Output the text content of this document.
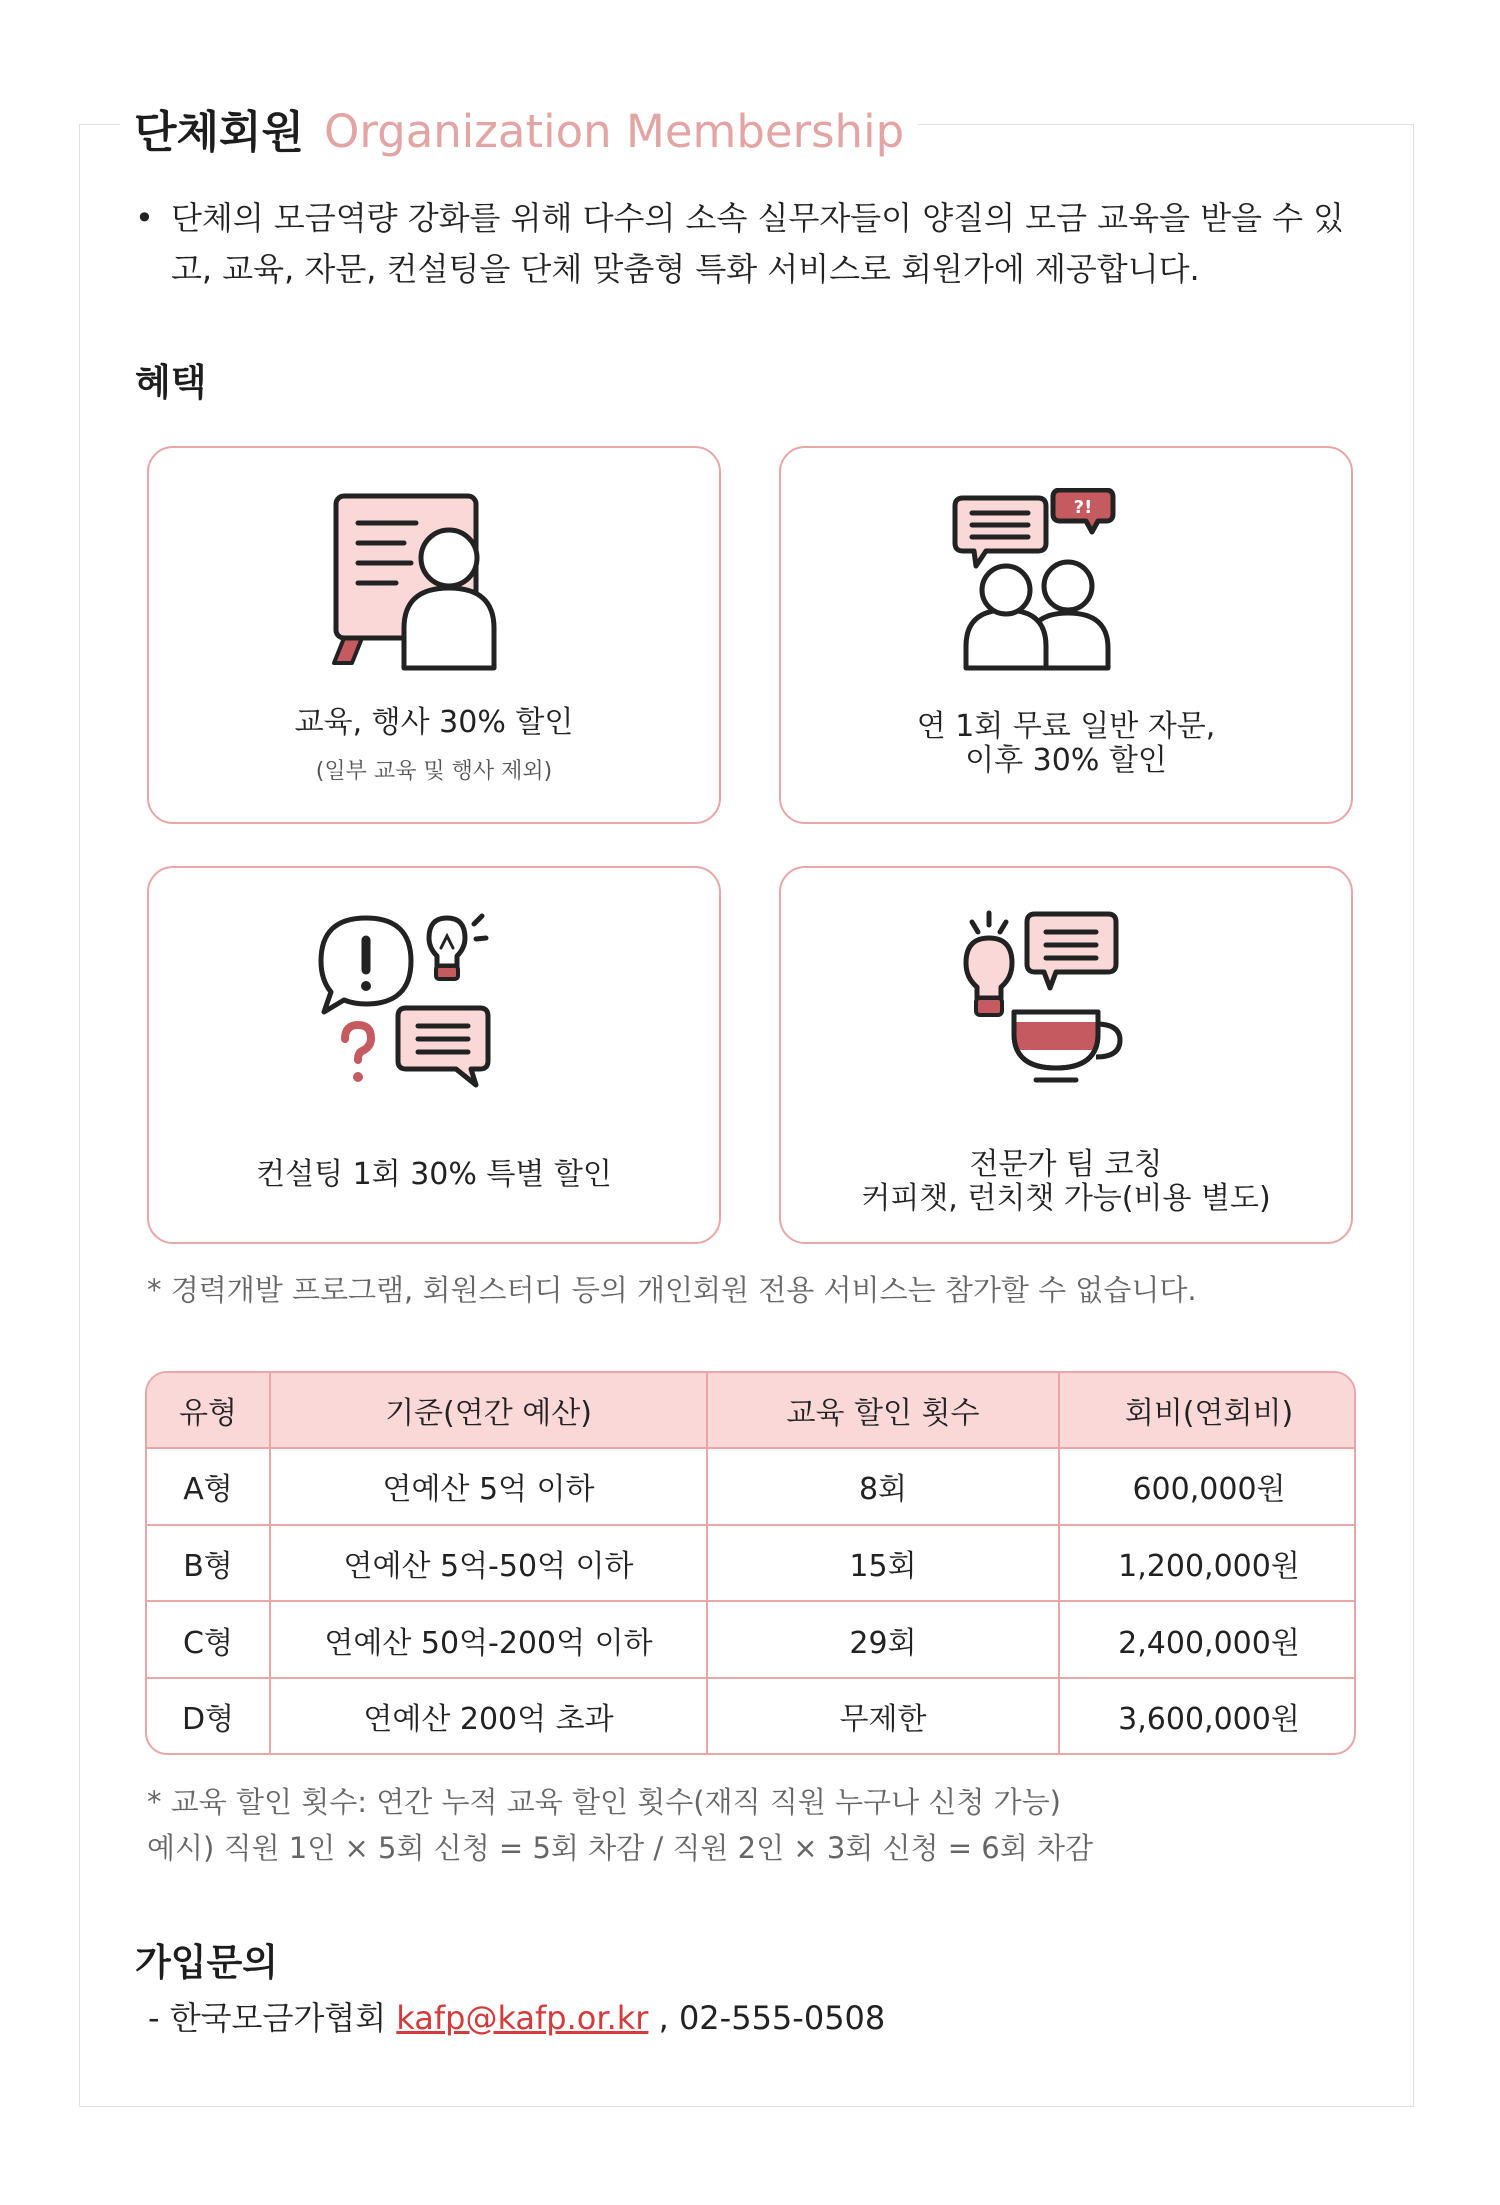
단체회원 Organization Membership
• 단체의 모금역량 강화를 위해 다수의 소속 실무자들이 양질의 모금 교육을 받을 수 있고, 교육, 자문, 컨설팅을 단체 맞춤형 특화 서비스로 회원가에 제공합니다.
혜택
교육, 행사 30% 할인
(일부 교육 및 행사 제외)
?!
연 1회 무료 일반 자문,
이후 30% 할인
컨설팅 1회 30% 특별 할인	전문가 팀 코칭
커피챗, 런치챗 가능(비용 별도)
* 경력개발 프로그램, 회원스터디 등의 개인회원 전용 서비스는 참가할 수 없습니다.
유형	기준(연간 예산)	교육 할인 횟수	회비(연회비)
A형	연예산 5억 이하	8회	600,000원
B형	연예산 5억-50억 이하	15회	1,200,000원
C형	연예산 50억-200억 이하	29회	2,400,000원
D형	연예산 200억 초과	무제한	3,600,000원
* 교육 할인 횟수: 연간 누적 교육 할인 횟수(재직 직원 누구나 신청 가능)
예시) 직원 1인 × 5회 신청 = 5회 차감 / 직원 2인 × 3회 신청 = 6회 차감
가입문의
- 한국모금가협회 kafp@kafp.or.kr , 02-555-0508
